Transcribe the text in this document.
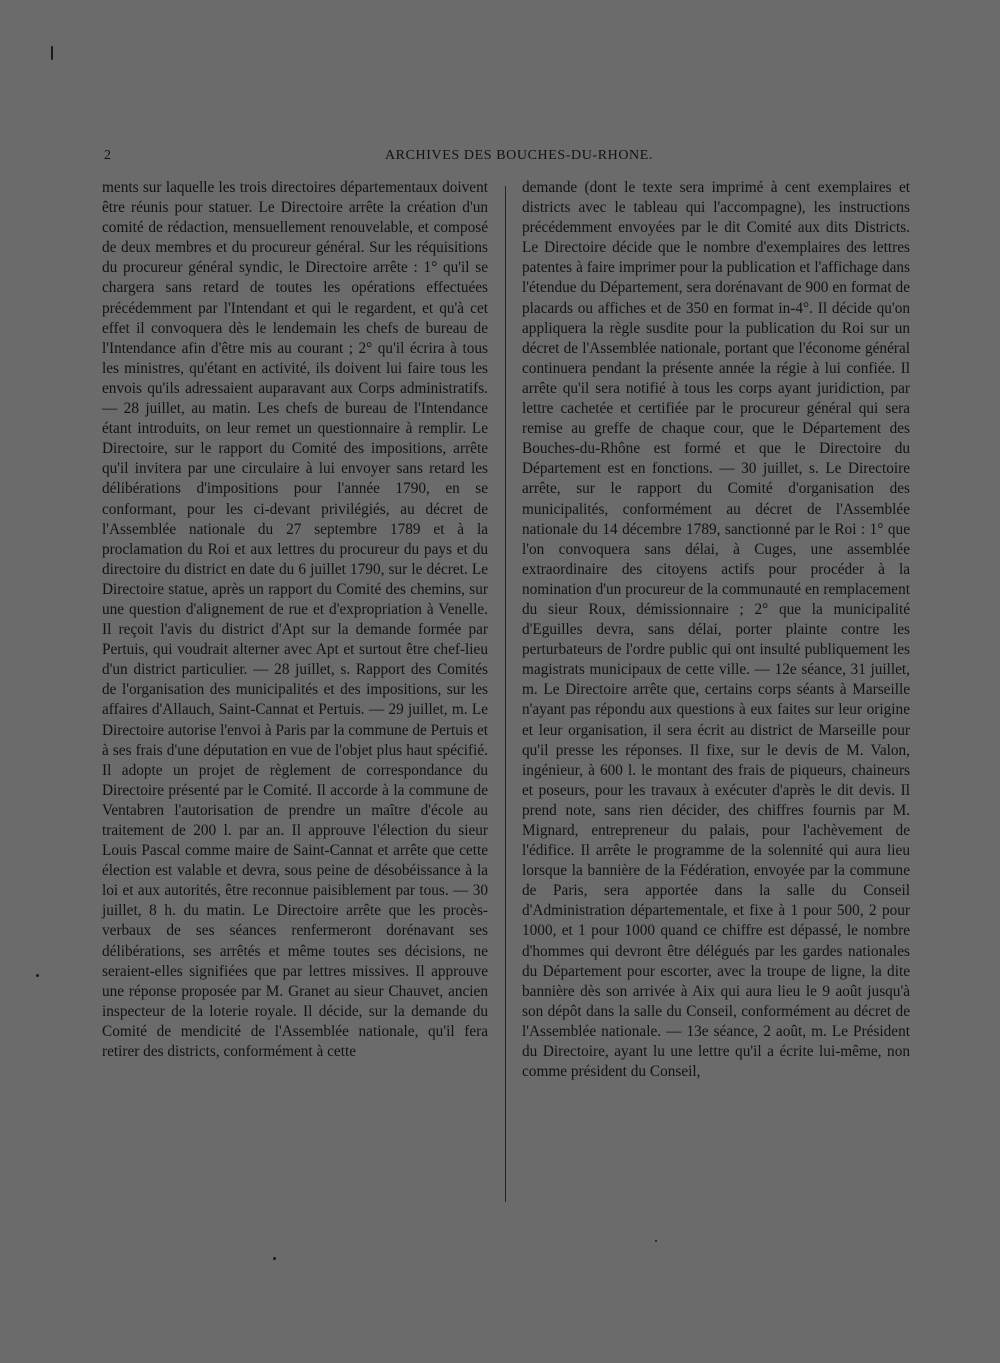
2	ARCHIVES DES BOUCHES-DU-RHONE.

ments sur laquelle les trois directoires départementaux doivent être réunis pour statuer. Le Directoire arrête la création d'un comité de rédaction, mensuellement renouvelable, et composé de deux membres et du procureur général. Sur les réquisitions du procureur général syndic, le Directoire arrête : 1° qu'il se chargera sans retard de toutes les opérations effectuées précédemment par l'Intendant et qui le regardent, et qu'à cet effet il convoquera dès le lendemain les chefs de bureau de l'Intendance afin d'être mis au courant ; 2° qu'il écrira à tous les ministres, qu'étant en activité, ils doivent lui faire tous les envois qu'ils adressaient auparavant aux Corps administratifs. — 28 juillet, au matin. Les chefs de bureau de l'Intendance étant introduits, on leur remet un questionnaire à remplir. Le Directoire, sur le rapport du Comité des impositions, arrête qu'il invitera par une circulaire à lui envoyer sans retard les délibérations d'impositions pour l'année 1790, en se conformant, pour les ci-devant privilégiés, au décret de l'Assemblée nationale du 27 septembre 1789 et à la proclamation du Roi et aux lettres du procureur du pays et du directoire du district en date du 6 juillet 1790, sur le décret. Le Directoire statue, après un rapport du Comité des chemins, sur une question d'alignement de rue et d'expropriation à Venelle. Il reçoit l'avis du district d'Apt sur la demande formée par Pertuis, qui voudrait alterner avec Apt et surtout être chef-lieu d'un district particulier. — 28 juillet, s. Rapport des Comités de l'organisation des municipalités et des impositions, sur les affaires d'Allauch, Saint-Cannat et Pertuis. — 29 juillet, m. Le Directoire autorise l'envoi à Paris par la commune de Pertuis et à ses frais d'une députation en vue de l'objet plus haut spécifié. Il adopte un projet de règlement de correspondance du Directoire présenté par le Comité. Il accorde à la commune de Ventabren l'autorisation de prendre un maître d'école au traitement de 200 l. par an. Il approuve l'élection du sieur Louis Pascal comme maire de Saint-Cannat et arrête que cette élection est valable et devra, sous peine de désobéissance à la loi et aux autorités, être reconnue paisiblement par tous. — 30 juillet, 8 h. du matin. Le Directoire arrête que les procès-verbaux de ses séances renfermeront dorénavant ses délibérations, ses arrêtés et même toutes ses décisions, ne seraient-elles signifiées que par lettres missives. Il approuve une réponse proposée par M. Granet au sieur Chauvet, ancien inspecteur de la loterie royale. Il décide, sur la demande du Comité de mendicité de l'Assemblée nationale, qu'il fera retirer des districts, conformément à cette

demande (dont le texte sera imprimé à cent exemplaires et districts avec le tableau qui l'accompagne), les instructions précédemment envoyées par le dit Comité aux dits Districts. Le Directoire décide que le nombre d'exemplaires des lettres patentes à faire imprimer pour la publication et l'affichage dans l'étendue du Département, sera dorénavant de 900 en format de placards ou affiches et de 350 en format in-4°. Il décide qu'on appliquera la règle susdite pour la publication du Roi sur un décret de l'Assemblée nationale, portant que l'économe général continuera pendant la présente année la régie à lui confiée. Il arrête qu'il sera notifié à tous les corps ayant juridiction, par lettre cachetée et certifiée par le procureur général qui sera remise au greffe de chaque cour, que le Département des Bouches-du-Rhône est formé et que le Directoire du Département est en fonctions. — 30 juillet, s. Le Directoire arrête, sur le rapport du Comité d'organisation des municipalités, conformément au décret de l'Assemblée nationale du 14 décembre 1789, sanctionné par le Roi : 1° que l'on convoquera sans délai, à Cuges, une assemblée extraordinaire des citoyens actifs pour procéder à la nomination d'un procureur de la communauté en remplacement du sieur Roux, démissionnaire ; 2° que la municipalité d'Eguilles devra, sans délai, porter plainte contre les perturbateurs de l'ordre public qui ont insulté publiquement les magistrats municipaux de cette ville. — 12e séance, 31 juillet, m. Le Directoire arrête que, certains corps séants à Marseille n'ayant pas répondu aux questions à eux faites sur leur origine et leur organisation, il sera écrit au district de Marseille pour qu'il presse les réponses. Il fixe, sur le devis de M. Valon, ingénieur, à 600 l. le montant des frais de piqueurs, chaineurs et poseurs, pour les travaux à exécuter d'après le dit devis. Il prend note, sans rien décider, des chiffres fournis par M. Mignard, entrepreneur du palais, pour l'achèvement de l'édifice. Il arrête le programme de la solennité qui aura lieu lorsque la bannière de la Fédération, envoyée par la commune de Paris, sera apportée dans la salle du Conseil d'Administration départementale, et fixe à 1 pour 500, 2 pour 1000, et 1 pour 1000 quand ce chiffre est dépassé, le nombre d'hommes qui devront être délégués par les gardes nationales du Département pour escorter, avec la troupe de ligne, la dite bannière dès son arrivée à Aix qui aura lieu le 9 août jusqu'à son dépôt dans la salle du Conseil, conformément au décret de l'Assemblée nationale. — 13e séance, 2 août, m. Le Président du Directoire, ayant lu une lettre qu'il a écrite lui-même, non comme président du Conseil,
